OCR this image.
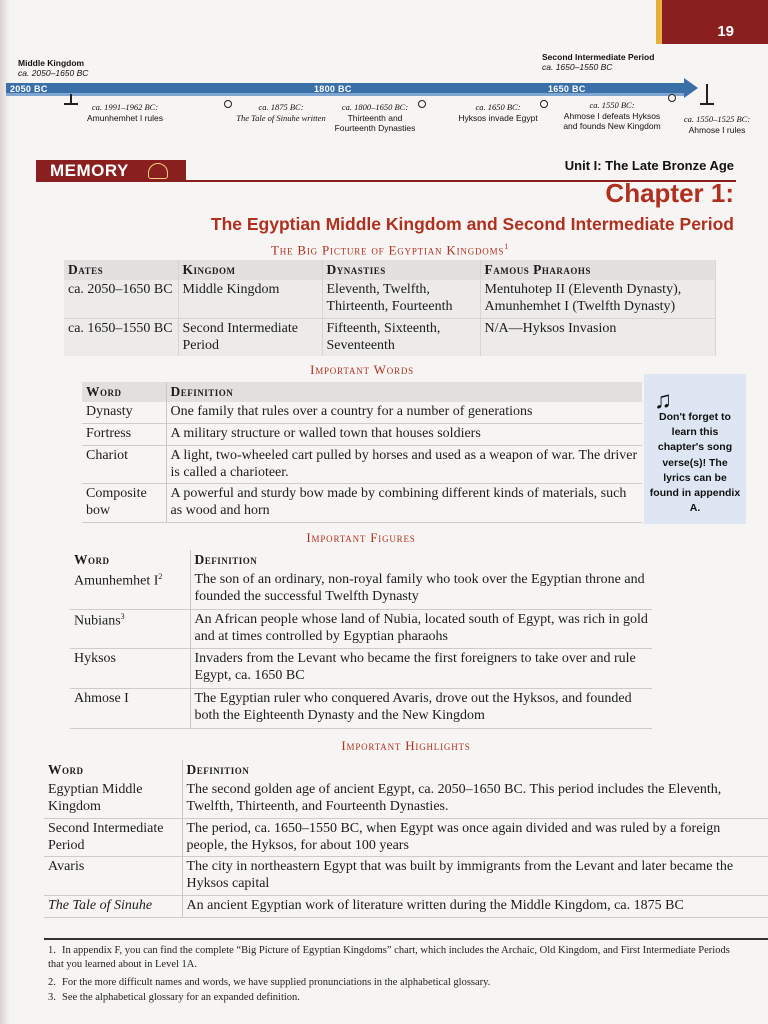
19
Middle Kingdom
ca. 2050–1650 BC
Second Intermediate Period
ca. 1650–1550 BC
2050 BC	1800 BC	1650 BC
ca. 1991–1962 BC:
Amunhemhet I rules
ca. 1875 BC:
The Tale of Sinuhe written
ca. 1800–1650 BC:
Thirteenth and Fourteenth Dynasties
ca. 1650 BC:
Hyksos invade Egypt
ca. 1550 BC:
Ahmose I defeats Hyksos and founds New Kingdom
ca. 1550–1525 BC:
Ahmose I rules
MEMORY	Unit I: The Late Bronze Age
Chapter 1:
The Egyptian Middle Kingdom and Second Intermediate Period
The Big Picture of Egyptian Kingdoms$^1$
Dates	Kingdom	Dynasties	Famous Pharaohs
ca. 2050–1650 BC	Middle Kingdom	Eleventh, Twelfth, Thirteenth, Fourteenth	Mentuhotep II (Eleventh Dynasty), Amunhemhet I (Twelfth Dynasty)
ca. 1650–1550 BC	Second Intermediate Period	Fifteenth, Sixteenth, Seventeenth	N/A—Hyksos Invasion
Important Words
Word	Definition
Dynasty	One family that rules over a country for a number of generations
Fortress	A military structure or walled town that houses soldiers
Chariot	A light, two-wheeled cart pulled by horses and used as a weapon of war. The driver is called a charioteer.
Composite bow	A powerful and sturdy bow made by combining different kinds of materials, such as wood and horn
♫
Don't forget to learn this chapter's song verse(s)! The lyrics can be found in appendix A.
Important Figures
Word	Definition
Amunhemhet $I^2$	The son of an ordinary, non-royal family who took over the Egyptian throne and founded the successful Twelfth Dynasty
Nubians$^3$	An African people whose land of Nubia, located south of Egypt, was rich in gold and at times controlled by Egyptian pharaohs
Hyksos	Invaders from the Levant who became the first foreigners to take over and rule Egypt, ca. 1650 BC
Ahmose I	The Egyptian ruler who conquered Avaris, drove out the Hyksos, and founded both the Eighteenth Dynasty and the New Kingdom
Important Highlights
Word	Definition
Egyptian Middle Kingdom	The second golden age of ancient Egypt, ca. 2050–1650 BC. This period includes the Eleventh, Twelfth, Thirteenth, and Fourteenth Dynasties.
Second Intermediate Period	The period, ca. 1650–1550 BC, when Egypt was once again divided and was ruled by a foreign people, the Hyksos, for about 100 years
Avaris	The city in northeastern Egypt that was built by immigrants from the Levant and later became the Hyksos capital
The Tale of Sinuhe	An ancient Egyptian work of literature written during the Middle Kingdom, ca. 1875 BC
1. In appendix F, you can find the complete “Big Picture of Egyptian Kingdoms” chart, which includes the Archaic, Old Kingdom, and First Intermediate Periods that you learned about in Level 1A.
2. For the more difficult names and words, we have supplied pronunciations in the alphabetical glossary.
3. See the alphabetical glossary for an expanded definition.
